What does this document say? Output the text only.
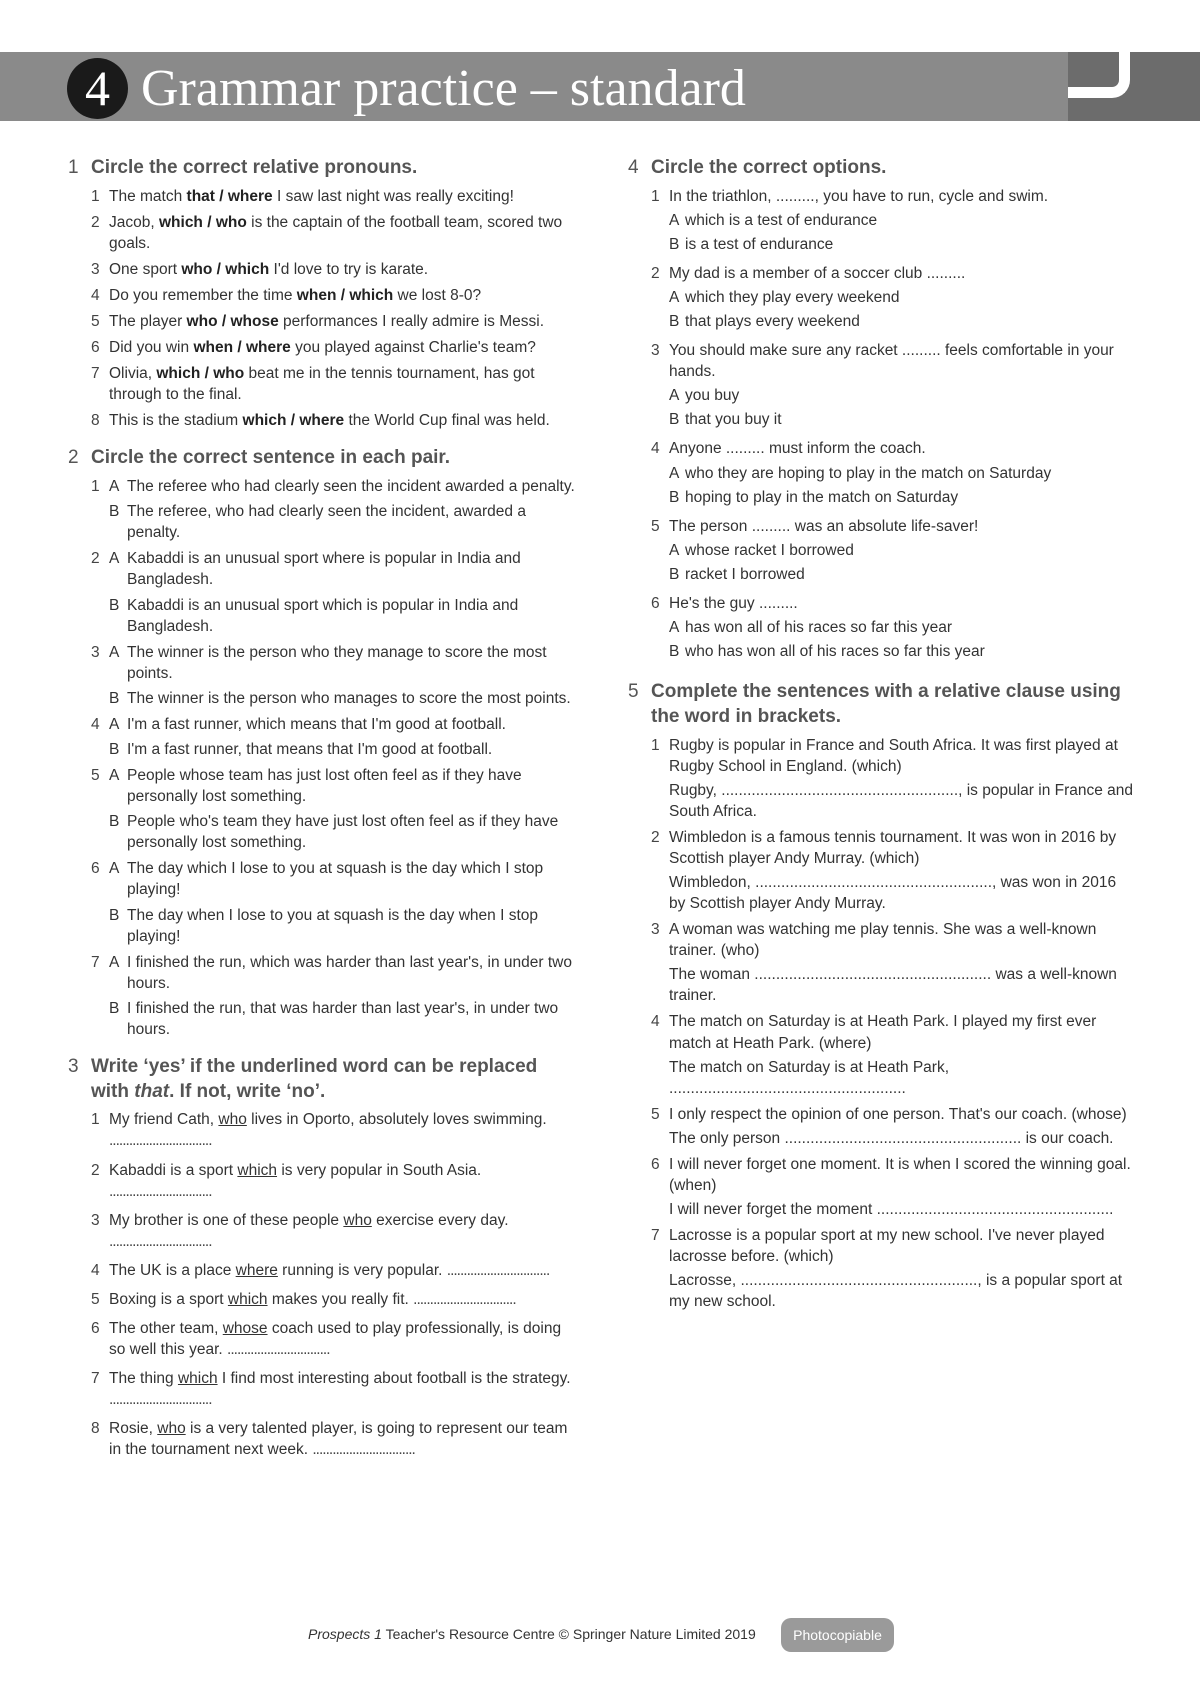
4 Grammar practice – standard
1 Circle the correct relative pronouns.
1 The match that / where I saw last night was really exciting!
2 Jacob, which / who is the captain of the football team, scored two goals.
3 One sport who / which I'd love to try is karate.
4 Do you remember the time when / which we lost 8-0?
5 The player who / whose performances I really admire is Messi.
6 Did you win when / where you played against Charlie's team?
7 Olivia, which / who beat me in the tennis tournament, has got through to the final.
8 This is the stadium which / where the World Cup final was held.
2 Circle the correct sentence in each pair.
1 A The referee who had clearly seen the incident awarded a penalty.
B The referee, who had clearly seen the incident, awarded a penalty.
2 A Kabaddi is an unusual sport where is popular in India and Bangladesh.
B Kabaddi is an unusual sport which is popular in India and Bangladesh.
3 A The winner is the person who they manage to score the most points.
B The winner is the person who manages to score the most points.
4 A I'm a fast runner, which means that I'm good at football.
B I'm a fast runner, that means that I'm good at football.
5 A People whose team has just lost often feel as if they have personally lost something.
B People who's team they have just lost often feel as if they have personally lost something.
6 A The day which I lose to you at squash is the day which I stop playing!
B The day when I lose to you at squash is the day when I stop playing!
7 A I finished the run, which was harder than last year's, in under two hours.
B I finished the run, that was harder than last year's, in under two hours.
3 Write ‘yes’ if the underlined word can be replaced with that. If not, write ‘no’.
1 My friend Cath, who lives in Oporto, absolutely loves swimming. ...............................
2 Kabaddi is a sport which is very popular in South Asia. ...............................
3 My brother is one of these people who exercise every day. ...............................
4 The UK is a place where running is very popular. ...............................
5 Boxing is a sport which makes you really fit. ...............................
6 The other team, whose coach used to play professionally, is doing so well this year. ...............................
7 The thing which I find most interesting about football is the strategy. ...............................
8 Rosie, who is a very talented player, is going to represent our team in the tournament next week. ...............................
4 Circle the correct options.
1 In the triathlon, ........., you have to run, cycle and swim.
A which is a test of endurance
B is a test of endurance
2 My dad is a member of a soccer club .........
A which they play every weekend
B that plays every weekend
3 You should make sure any racket ......... feels comfortable in your hands.
A you buy
B that you buy it
4 Anyone ......... must inform the coach.
A who they are hoping to play in the match on Saturday
B hoping to play in the match on Saturday
5 The person ......... was an absolute life-saver!
A whose racket I borrowed
B racket I borrowed
6 He's the guy .........
A has won all of his races so far this year
B who has won all of his races so far this year
5 Complete the sentences with a relative clause using the word in brackets.
1 Rugby is popular in France and South Africa. It was first played at Rugby School in England. (which)
Rugby, ......................................................., is popular in France and South Africa.
2 Wimbledon is a famous tennis tournament. It was won in 2016 by Scottish player Andy Murray. (which)
Wimbledon, ......................................................., was won in 2016 by Scottish player Andy Murray.
3 A woman was watching me play tennis. She was a well-known trainer. (who)
The woman ....................................................... was a well-known trainer.
4 The match on Saturday is at Heath Park. I played my first ever match at Heath Park. (where)
The match on Saturday is at Heath Park, .......................................................
5 I only respect the opinion of one person. That's our coach. (whose)
The only person ....................................................... is our coach.
6 I will never forget one moment. It is when I scored the winning goal. (when)
I will never forget the moment .......................................................
7 Lacrosse is a popular sport at my new school. I've never played lacrosse before. (which)
Lacrosse, ......................................................., is a popular sport at my new school.
Prospects 1 Teacher's Resource Centre © Springer Nature Limited 2019	Photocopiable
